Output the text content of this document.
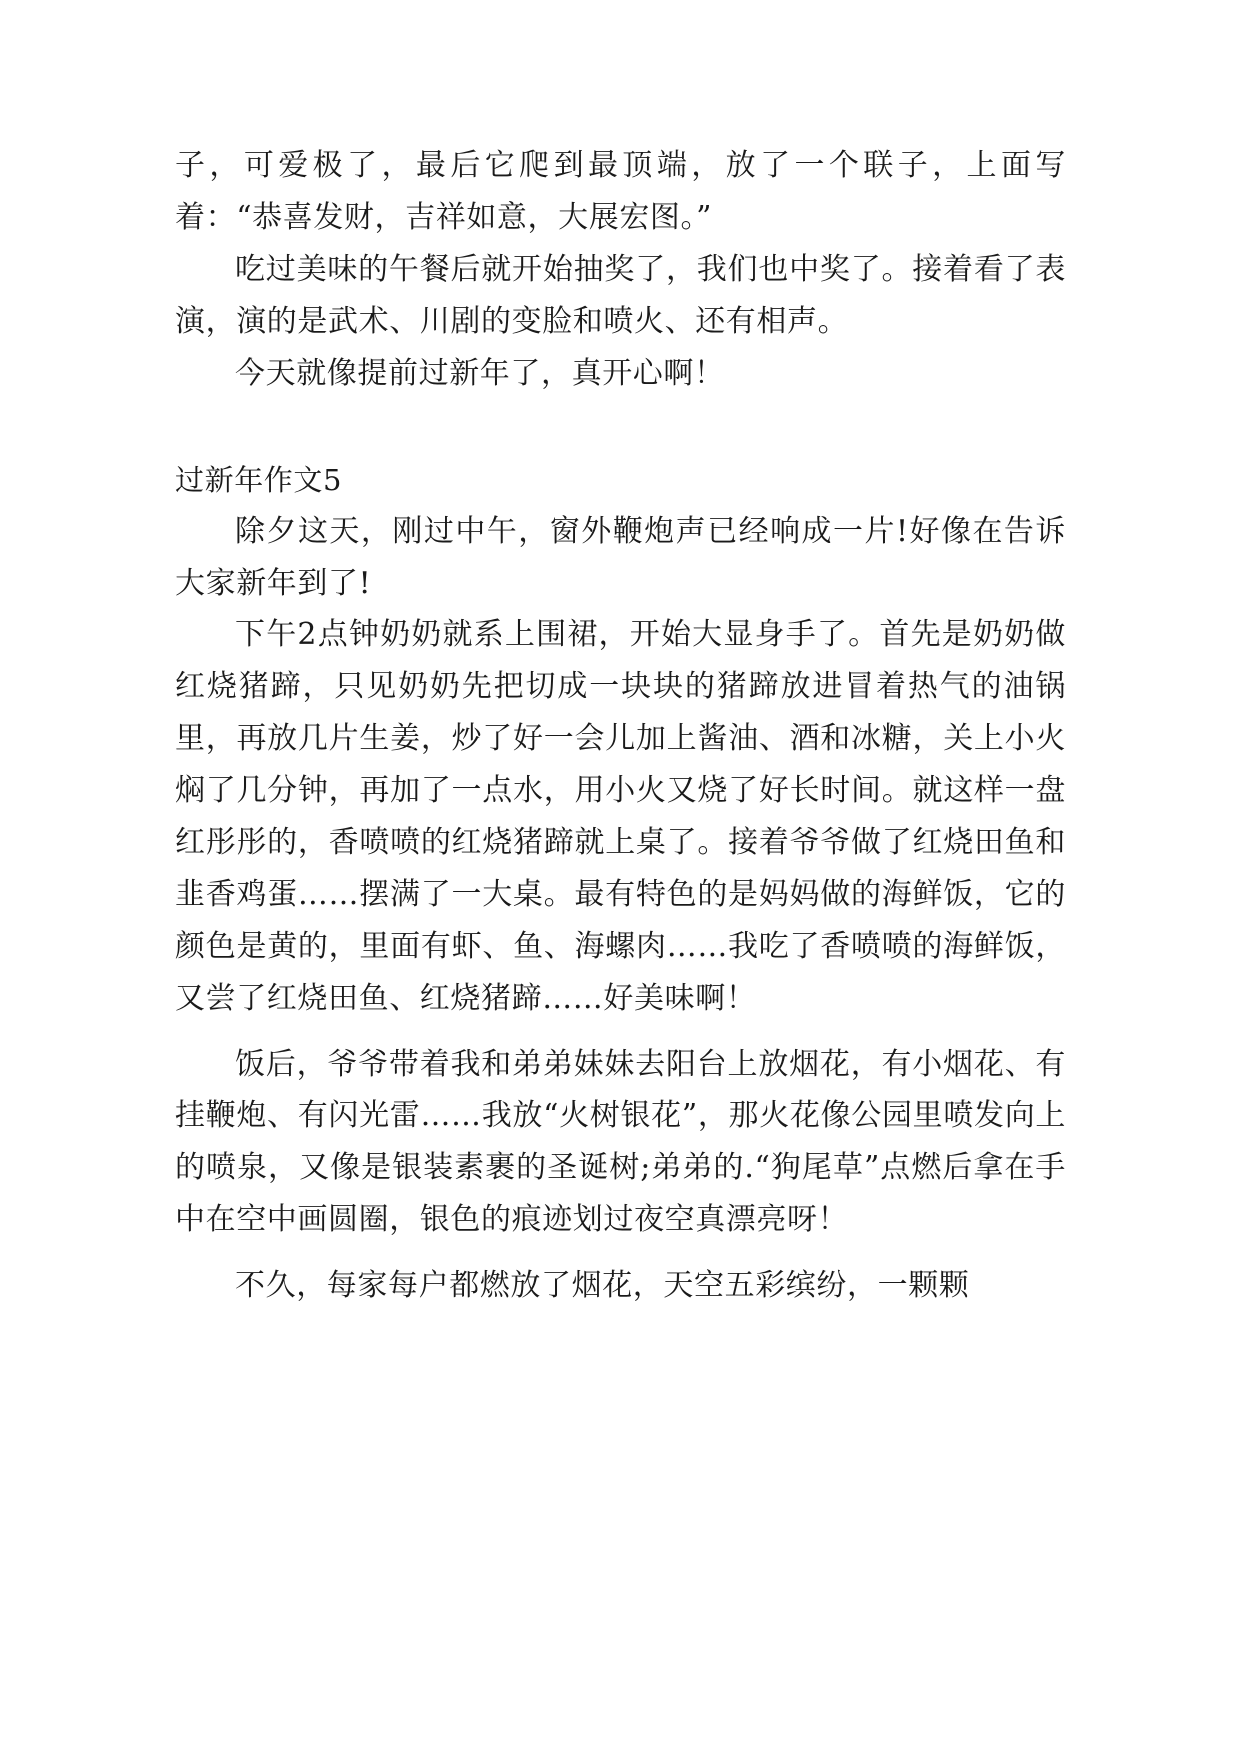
子，可爱极了，最后它爬到最顶端，放了一个联子，上面写着：“恭喜发财，吉祥如意，大展宏图。”

吃过美味的午餐后就开始抽奖了，我们也中奖了。接着看了表演，演的是武术、川剧的变脸和喷火、还有相声。

今天就像提前过新年了，真开心啊！

过新年作文5

除夕这天，刚过中午，窗外鞭炮声已经响成一片!好像在告诉大家新年到了!

下午2点钟奶奶就系上围裙，开始大显身手了。首先是奶奶做红烧猪蹄，只见奶奶先把切成一块块的猪蹄放进冒着热气的油锅里，再放几片生姜，炒了好一会儿加上酱油、酒和冰糖，关上小火焖了几分钟，再加了一点水，用小火又烧了好长时间。就这样一盘红彤彤的，香喷喷的红烧猪蹄就上桌了。接着爷爷做了红烧田鱼和韭香鸡蛋……摆满了一大桌。最有特色的是妈妈做的海鲜饭，它的颜色是黄的，里面有虾、鱼、海螺肉……我吃了香喷喷的海鲜饭，又尝了红烧田鱼、红烧猪蹄……好美味啊！

饭后，爷爷带着我和弟弟妹妹去阳台上放烟花，有小烟花、有挂鞭炮、有闪光雷……我放“火树银花”，那火花像公园里喷发向上的喷泉，又像是银装素裹的圣诞树;弟弟的.“狗尾草”点燃后拿在手中在空中画圆圈，银色的痕迹划过夜空真漂亮呀！

不久，每家每户都燃放了烟花，天空五彩缤纷，一颗颗
